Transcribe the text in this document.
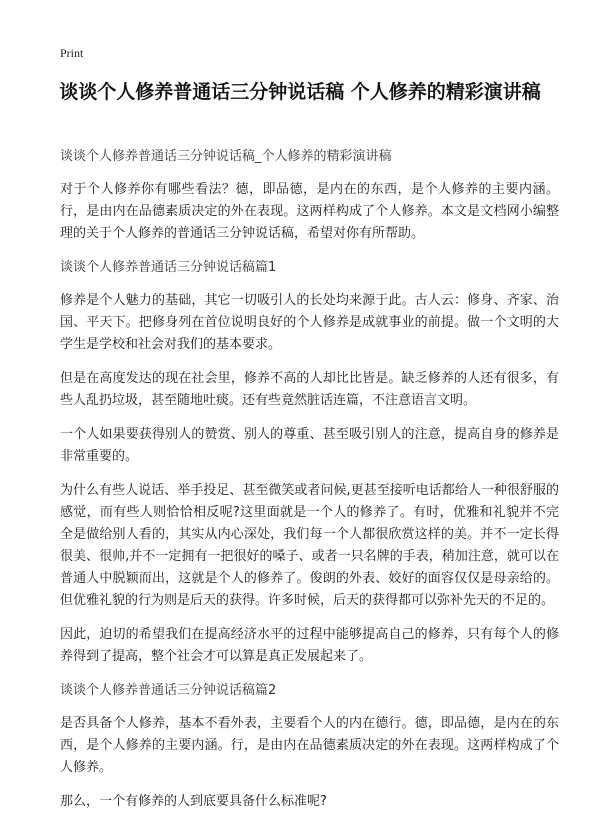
Print
谈谈个人修养普通话三分钟说话稿 个人修养的精彩演讲稿

谈谈个人修养普通话三分钟说话稿_个人修养的精彩演讲稿

对于个人修养你有哪些看法？德，即品德，是内在的东西，是个人修养的主要内涵。行，是由内在品德素质决定的外在表现。这两样构成了个人修养。本文是文档网小编整理的关于个人修养的普通话三分钟说话稿，希望对你有所帮助。

谈谈个人修养普通话三分钟说话稿篇1

修养是个人魅力的基础，其它一切吸引人的长处均来源于此。古人云：修身、齐家、治国、平天下。把修身列在首位说明良好的个人修养是成就事业的前提。做一个文明的大学生是学校和社会对我们的基本要求。

但是在高度发达的现在社会里，修养不高的人却比比皆是。缺乏修养的人还有很多，有些人乱扔垃圾，甚至随地吐痰。还有些竟然脏话连篇，不注意语言文明。

一个人如果要获得别人的赞赏、别人的尊重、甚至吸引别人的注意，提高自身的修养是非常重要的。

为什么有些人说话、举手投足、甚至微笑或者问候,更甚至接听电话都给人一种很舒服的感觉，而有些人则恰恰相反呢?这里面就是一个人的修养了。有时，优雅和礼貌并不完全是做给别人看的，其实从内心深处，我们每一个人都很欣赏这样的美。并不一定长得很美、很帅,并不一定拥有一把很好的嗓子、或者一只名牌的手表，稍加注意，就可以在普通人中脱颖而出，这就是个人的修养了。俊朗的外表、姣好的面容仅仅是母亲给的。但优雅礼貌的行为则是后天的获得。许多时候，后天的获得都可以弥补先天的不足的。

因此，迫切的希望我们在提高经济水平的过程中能够提高自己的修养，只有每个人的修养得到了提高，整个社会才可以算是真正发展起来了。

谈谈个人修养普通话三分钟说话稿篇2

是否具备个人修养，基本不看外表，主要看个人的内在德行。德，即品德，是内在的东西，是个人修养的主要内涵。行，是由内在品德素质决定的外在表现。这两样构成了个人修养。

那么，一个有修养的人到底要具备什么标准呢?
